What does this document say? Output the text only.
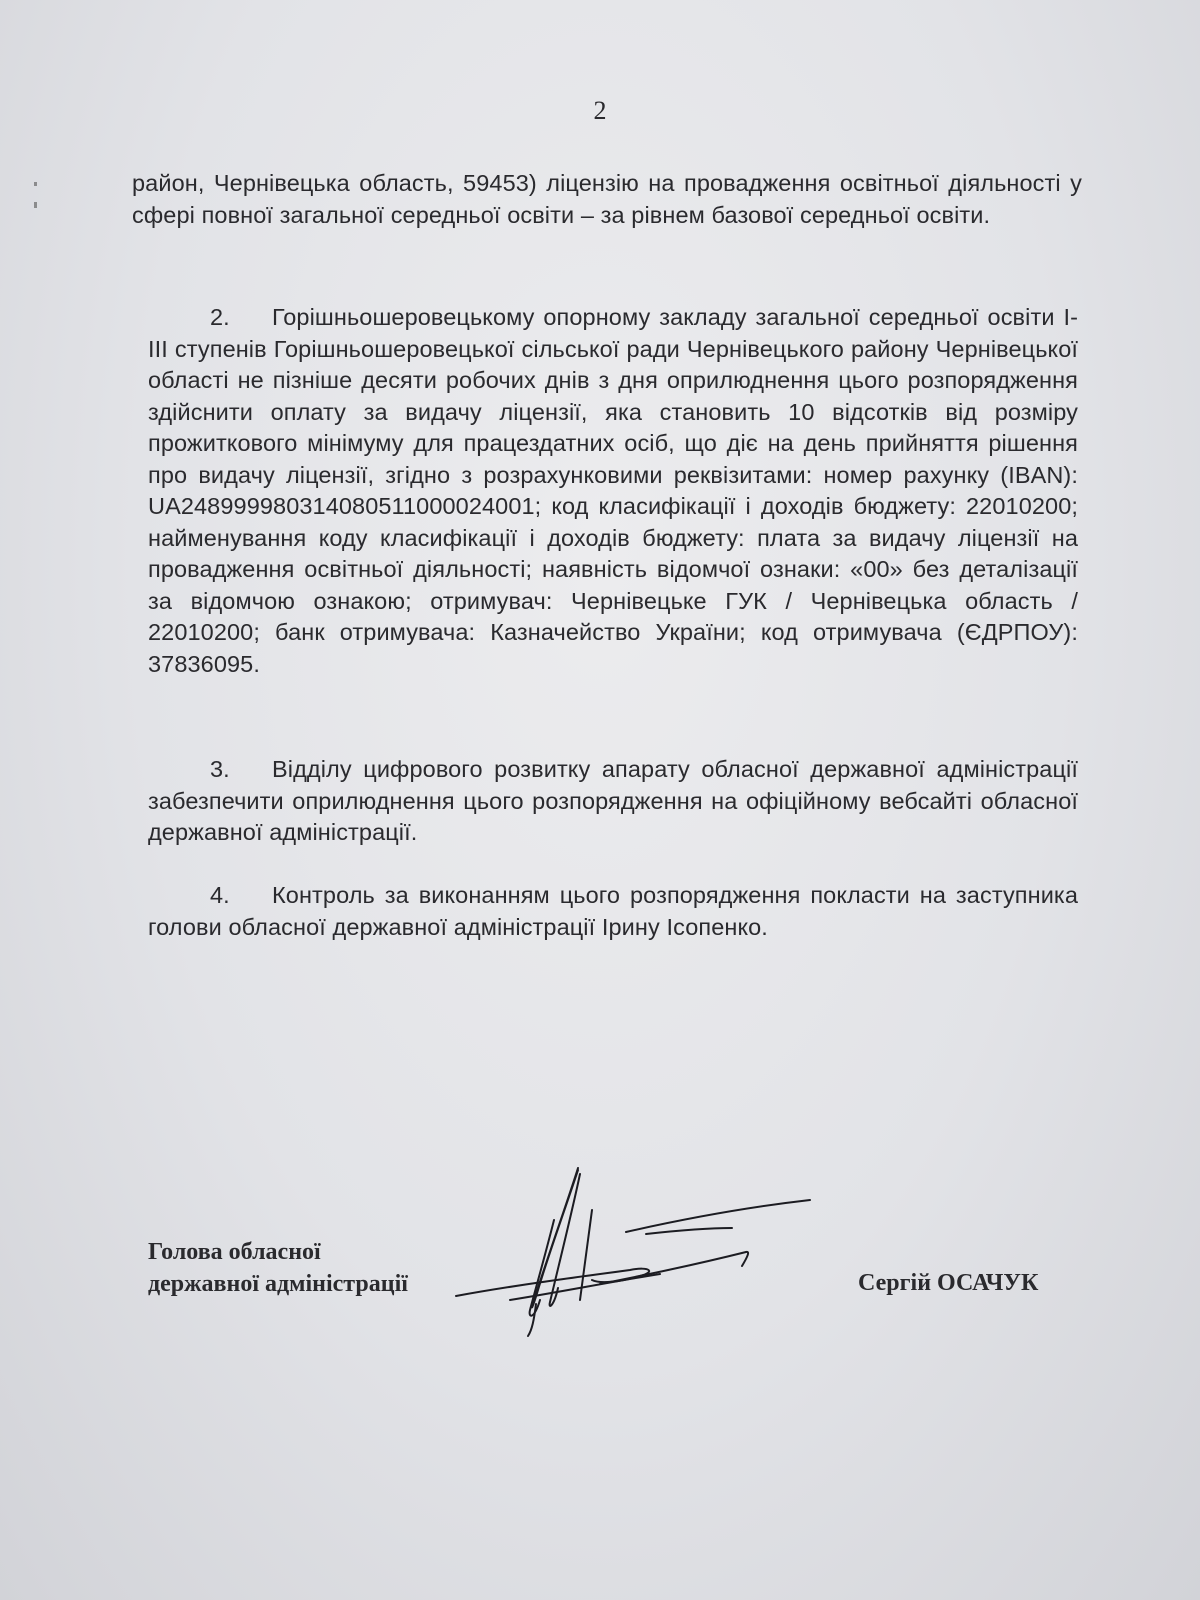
2
район, Чернівецька область, 59453) ліцензію на провадження освітньої діяльності у сфері повної загальної середньої освіти – за рівнем базової середньої освіти.
2. Горішньошеровецькому опорному закладу загальної середньої освіти І-ІІІ ступенів Горішньошеровецької сільської ради Чернівецького району Чернівецької області не пізніше десяти робочих днів з дня оприлюднення цього розпорядження здійснити оплату за видачу ліцензії, яка становить 10 відсотків від розміру прожиткового мінімуму для працездатних осіб, що діє на день прийняття рішення про видачу ліцензії, згідно з розрахунковими реквізитами: номер рахунку (IBAN): UA248999980314080511000024001; код класифікації і доходів бюджету: 22010200; найменування коду класифікації і доходів бюджету: плата за видачу ліцензії на провадження освітньої діяльності; наявність відомчої ознаки: «00» без деталізації за відомчою ознакою; отримувач: Чернівецьке ГУК / Чернівецька область / 22010200; банк отримувача: Казначейство України; код отримувача (ЄДРПОУ): 37836095.
3. Відділу цифрового розвитку апарату обласної державної адміністрації забезпечити оприлюднення цього розпорядження на офіційному вебсайті обласної державної адміністрації.
4. Контроль за виконанням цього розпорядження покласти на заступника голови обласної державної адміністрації Ірину Ісопенко.
Голова обласної
державної адміністрації	Сергій ОСАЧУК
